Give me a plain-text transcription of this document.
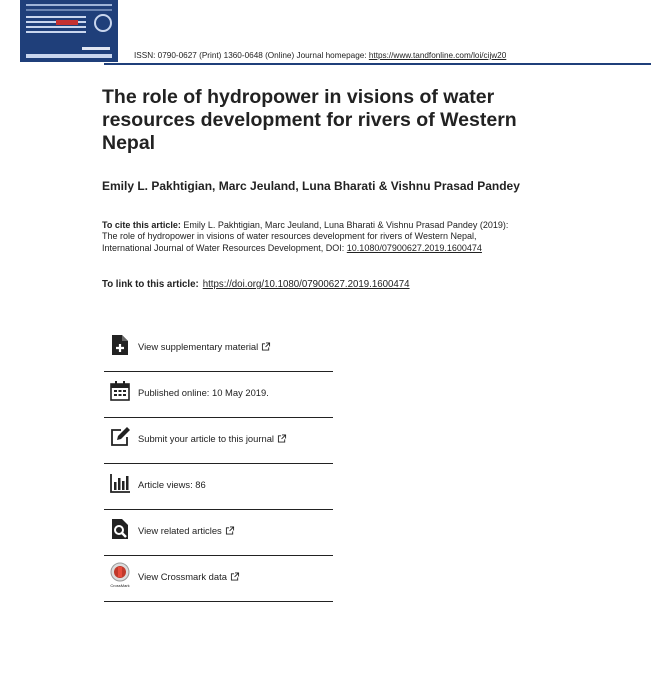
ISSN: 0790-0627 (Print) 1360-0648 (Online) Journal homepage: https://www.tandfonline.com/loi/cijw20
The role of hydropower in visions of water resources development for rivers of Western Nepal
Emily L. Pakhtigian, Marc Jeuland, Luna Bharati & Vishnu Prasad Pandey
To cite this article: Emily L. Pakhtigian, Marc Jeuland, Luna Bharati & Vishnu Prasad Pandey (2019): The role of hydropower in visions of water resources development for rivers of Western Nepal, International Journal of Water Resources Development, DOI: 10.1080/07900627.2019.1600474
To link to this article: https://doi.org/10.1080/07900627.2019.1600474
View supplementary material
Published online: 10 May 2019.
Submit your article to this journal
Article views: 86
View related articles
CrossMark
View Crossmark data
